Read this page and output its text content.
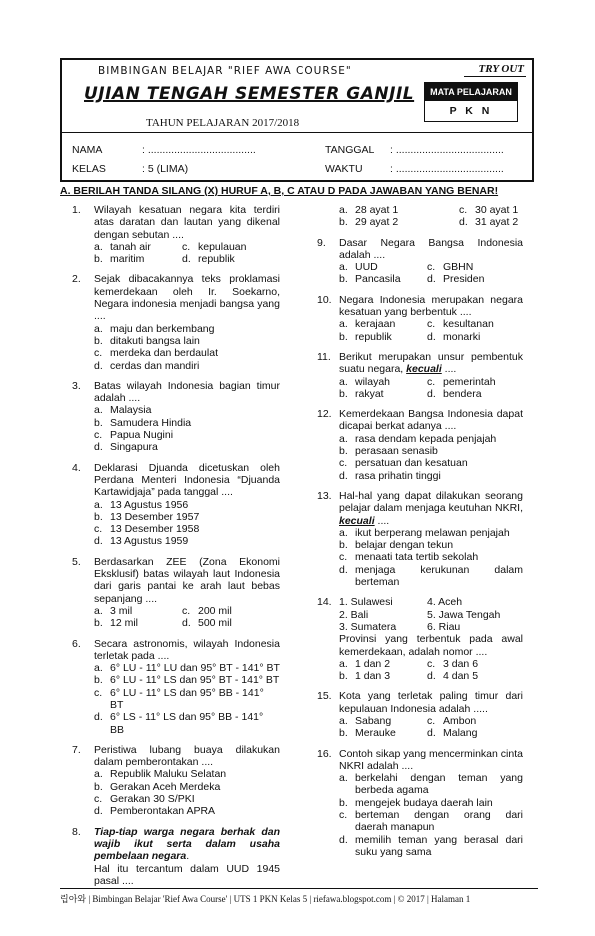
BIMBINGAN BELAJAR "RIEF AWA COURSE"
UJIAN TENGAH SEMESTER GANJIL
TAHUN PELAJARAN 2017/2018
TRY OUT
MATA PELAJARAN
P K N
NAMA	: .....................................	TANGGAL : .....................................
KELAS	: 5 (LIMA)	WAKTU	: .....................................
A. BERILAH TANDA SILANG (X) HURUF A, B, C ATAU D PADA JAWABAN YANG BENAR!
1. Wilayah kesatuan negara kita terdiri atas daratan dan lautan yang dikenal dengan sebutan ....
a. tanah air	c. kepulauan
b. maritim	d. republik
2. Sejak dibacakannya teks proklamasi kemerdekaan oleh Ir. Soekarno, Negara indonesia menjadi bangsa yang ....
a. maju dan berkembang
b. ditakuti bangsa lain
c. merdeka dan berdaulat
d. cerdas dan mandiri
3. Batas wilayah Indonesia bagian timur adalah ....
a. Malaysia
b. Samudera Hindia
c. Papua Nugini
d. Singapura
4. Deklarasi Djuanda dicetuskan oleh Perdana Menteri Indonesia “Djuanda Kartawidjaja” pada tanggal ....
a. 13 Agustus 1956
b. 13 Desember 1957
c. 13 Desember 1958
d. 13 Agustus 1959
5. Berdasarkan ZEE (Zona Ekonomi Eksklusif) batas wilayah laut Indonesia dari garis pantai ke arah laut bebas sepanjang ....
a. 3 mil	c. 200 mil
b. 12 mil	d. 500 mil
6. Secara astronomis, wilayah Indonesia terletak pada ....
a. 6° LU - 11° LU dan 95° BT - 141° BT
b. 6° LU - 11° LS dan 95° BT - 141° BT
c. 6° LU - 11° LS dan 95° BB - 141° BT
d. 6° LS - 11° LS dan 95° BB - 141° BB
7. Peristiwa lubang buaya dilakukan dalam pemberontakan ....
a. Republik Maluku Selatan
b. Gerakan Aceh Merdeka
c. Gerakan 30 S/PKI
d. Pemberontakan APRA
8. Tiap-tiap warga negara berhak dan wajib ikut serta dalam usaha pembelaan negara.
Hal itu tercantum dalam UUD 1945 pasal ....
a. 28 ayat 1	c. 30 ayat 1
b. 29 ayat 2	d. 31 ayat 2
9. Dasar Negara Bangsa Indonesia adalah ....
a. UUD	c. GBHN
b. Pancasila	d. Presiden
10. Negara Indonesia merupakan negara kesatuan yang berbentuk ....
a. kerajaan	c. kesultanan
b. republik	d. monarki
11. Berikut merupakan unsur pembentuk suatu negara, kecuali ....
a. wilayah	c. pemerintah
b. rakyat	d. bendera
12. Kemerdekaan Bangsa Indonesia dapat dicapai berkat adanya ....
a. rasa dendam kepada penjajah
b. perasaan senasib
c. persatuan dan kesatuan
d. rasa prihatin tinggi
13. Hal-hal yang dapat dilakukan seorang pelajar dalam menjaga keutuhan NKRI, kecuali ....
a. ikut berperang melawan penjajah
b. belajar dengan tekun
c. menaati tata tertib sekolah
d. menjaga kerukunan dalam berteman
14. 1. Sulawesi	4. Aceh
2. Bali	5. Jawa Tengah
3. Sumatera	6. Riau
Provinsi yang terbentuk pada awal kemerdekaan, adalah nomor ....
a. 1 dan 2	c. 3 dan 6
b. 1 dan 3	d. 4 dan 5
15. Kota yang terletak paling timur dari kepulauan Indonesia adalah .....
a. Sabang	c. Ambon
b. Merauke	d. Malang
16. Contoh sikap yang mencerminkan cinta NKRI adalah ....
a. berkelahi dengan teman yang berbeda agama
b. mengejek budaya daerah lain
c. berteman dengan orang dari daerah manapun
d. memilih teman yang berasal dari suku yang sama
립아와 | Bimbingan Belajar 'Rief Awa Course' | UTS 1 PKN Kelas 5 | riefawa.blogspot.com | © 2017 | Halaman 1
